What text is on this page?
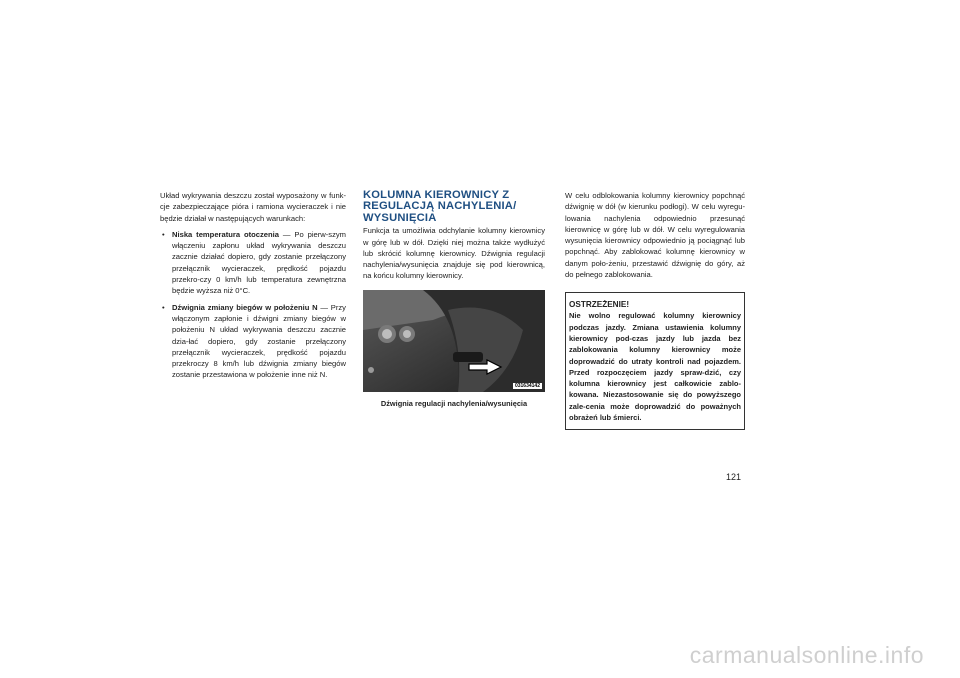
Układ wykrywania deszczu został wyposażony w funk-cje zabezpieczające pióra i ramiona wycieraczek i nie będzie działał w następujących warunkach:

• Niska temperatura otoczenia — Po pierw-szym włączeniu zapłonu układ wykrywania deszczu zacznie działać dopiero, gdy zostanie przełączony przełącznik wycieraczek, prędkość pojazdu przekro-czy 0 km/h lub temperatura zewnętrzna będzie wyższa niż 0°C.
• Dźwignia zmiany biegów w położeniu N — Przy włączonym zapłonie i dźwigni zmiany biegów w położeniu N układ wykrywania deszczu zacznie dzia-łać dopiero, gdy zostanie przełączony przełącznik wycieraczek, prędkość pojazdu przekroczy 8 km/h lub dźwignia zmiany biegów zostanie przestawiona w położenie inne niż N.
KOLUMNA KIEROWNICY Z REGULACJĄ NACHYLENIA/ WYSUNIĘCIA

Funkcja ta umożliwia odchylanie kolumny kierownicy w górę lub w dół. Dzięki niej można także wydłużyć lub skrócić kolumnę kierownicy. Dźwignia regulacji nachylenia/wysunięcia znajduje się pod kierownicą, na końcu kolumny kierownicy.

031634142
Dźwignia regulacji nachylenia/wysunięcia

W celu odblokowania kolumny kierownicy popchnąć dźwignię w dół (w kierunku podłogi). W celu wyregu-lowania nachylenia odpowiednio przesunąć kierownicę w górę lub w dół. W celu wyregulowania wysunięcia kierownicy odpowiednio ją pociągnąć lub popchnąć. Aby zablokować kolumnę kierownicy w danym poło-żeniu, przestawić dźwignię do góry, aż do pełnego zablokowania.

OSTRZEŻENIE!
Nie wolno regulować kolumny kierownicy podczas jazdy. Zmiana ustawienia kolumny kierownicy pod-czas jazdy lub jazda bez zablokowania kolumny kierownicy może doprowadzić do utraty kontroli nad pojazdem. Przed rozpoczęciem jazdy spraw-dzić, czy kolumna kierownicy jest całkowicie zablo-kowana. Niezastosowanie się do powyższego zale-cenia może doprowadzić do poważnych obrażeń lub śmierci.
121
carmanualsonline.info
